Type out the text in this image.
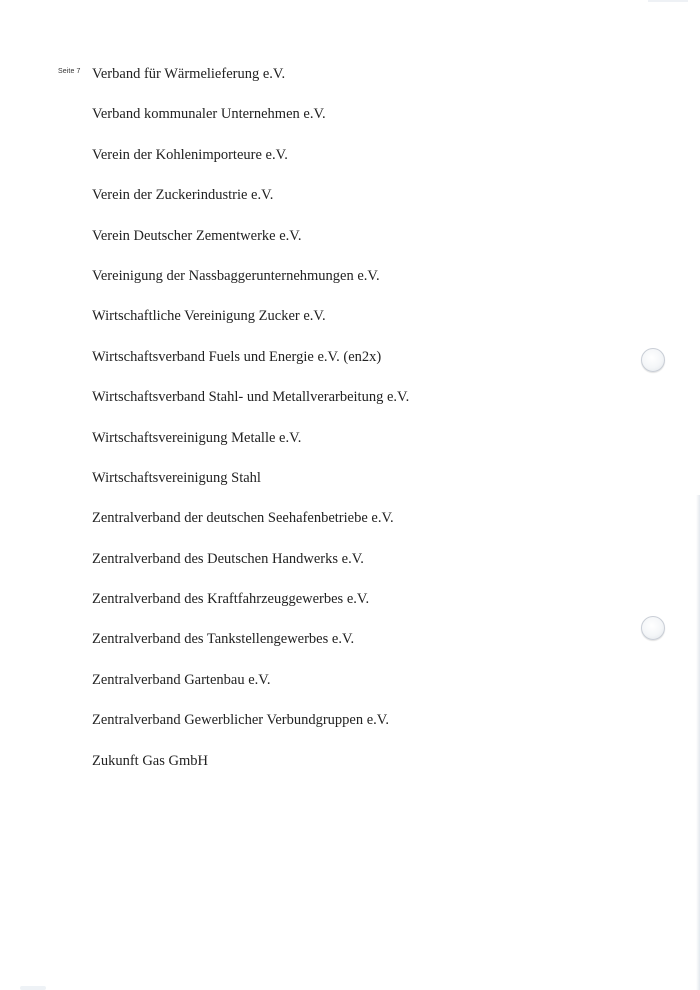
Seite 7 Verband für Wärmelieferung e.V.
Verband kommunaler Unternehmen e.V.
Verein der Kohlenimporteure e.V.
Verein der Zuckerindustrie e.V.
Verein Deutscher Zementwerke e.V.
Vereinigung der Nassbaggerunternehmungen e.V.
Wirtschaftliche Vereinigung Zucker e.V.
Wirtschaftsverband Fuels und Energie e.V. (en2x)
Wirtschaftsverband Stahl- und Metallverarbeitung e.V.
Wirtschaftsvereinigung Metalle e.V.
Wirtschaftsvereinigung Stahl
Zentralverband der deutschen Seehafenbetriebe e.V.
Zentralverband des Deutschen Handwerks e.V.
Zentralverband des Kraftfahrzeuggewerbes e.V.
Zentralverband des Tankstellengewerbes e.V.
Zentralverband Gartenbau e.V.
Zentralverband Gewerblicher Verbundgruppen e.V.
Zukunft Gas GmbH
